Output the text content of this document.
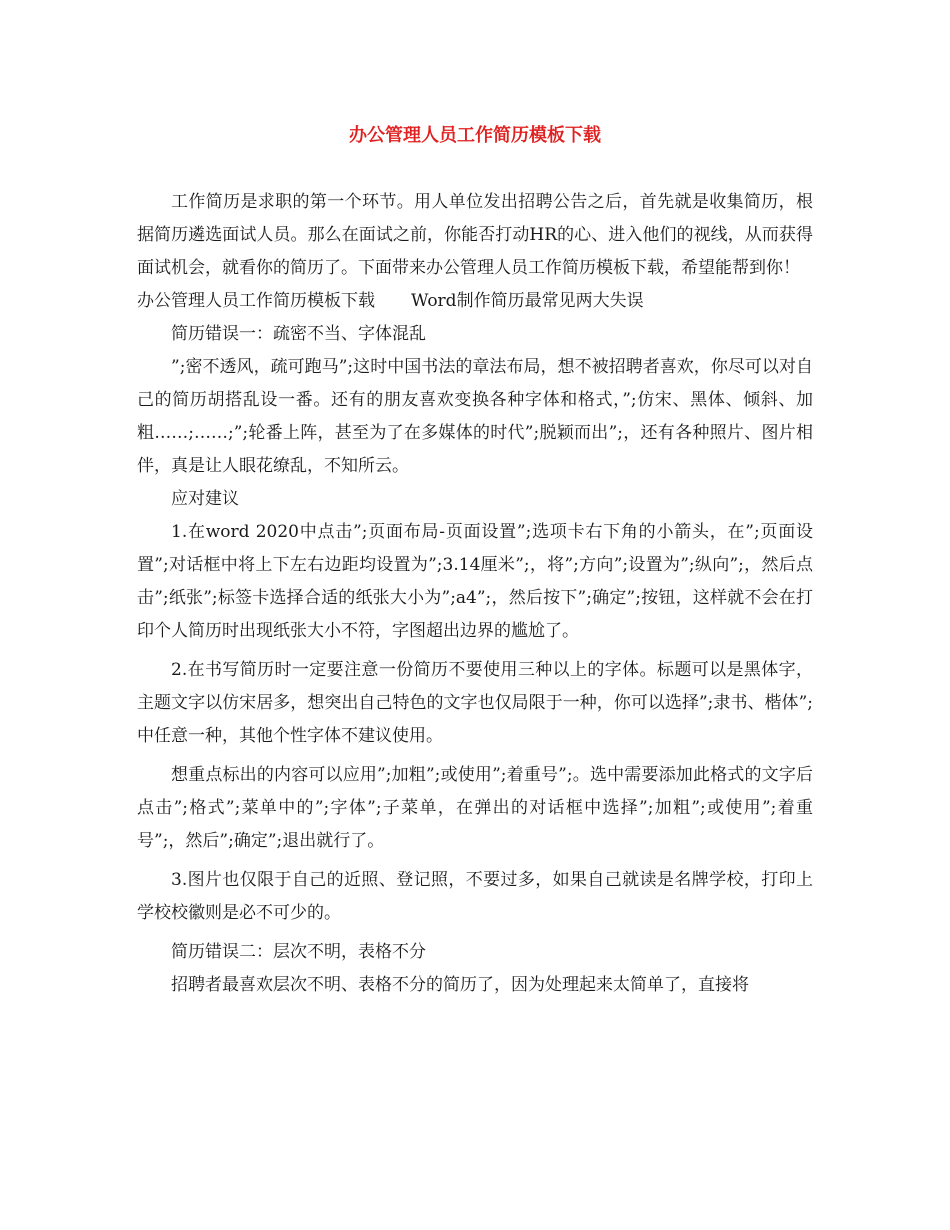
办公管理人员工作简历模板下载

工作简历是求职的第一个环节。用人单位发出招聘公告之后，首先就是收集简历，根据简历遴选面试人员。那么在面试之前，你能否打动HR的心、进入他们的视线，从而获得面试机会，就看你的简历了。下面带来办公管理人员工作简历模板下载，希望能帮到你！

办公管理人员工作简历模板下载 Word制作简历最常见两大失误

简历错误一：疏密不当、字体混乱

”;密不透风，疏可跑马”;这时中国书法的章法布局，想不被招聘者喜欢，你尽可以对自己的简历胡搭乱设一番。还有的朋友喜欢变换各种字体和格式，”;仿宋、黑体、倾斜、加粗……;……;”;轮番上阵，甚至为了在多媒体的时代”;脱颖而出”;，还有各种照片、图片相伴，真是让人眼花缭乱，不知所云。

应对建议

1.在word 2020中点击”;页面布局-页面设置”;选项卡右下角的小箭头，在”;页面设置”;对话框中将上下左右边距均设置为”;3.14厘米”;，将”;方向”;设置为”;纵向”;，然后点击”;纸张”;标签卡选择合适的纸张大小为”;a4”;，然后按下”;确定”;按钮，这样就不会在打印个人简历时出现纸张大小不符，字图超出边界的尴尬了。

2.在书写简历时一定要注意一份简历不要使用三种以上的字体。标题可以是黑体字，主题文字以仿宋居多，想突出自己特色的文字也仅局限于一种，你可以选择”;隶书、楷体”;中任意一种，其他个性字体不建议使用。

想重点标出的内容可以应用”;加粗”;或使用”;着重号”;。选中需要添加此格式的文字后点击”;格式”;菜单中的”;字体”;子菜单，在弹出的对话框中选择”;加粗”;或使用”;着重号”;，然后”;确定”;退出就行了。

3.图片也仅限于自己的近照、登记照，不要过多，如果自己就读是名牌学校，打印上学校校徽则是必不可少的。

简历错误二：层次不明，表格不分

招聘者最喜欢层次不明、表格不分的简历了，因为处理起来太简单了，直接将
